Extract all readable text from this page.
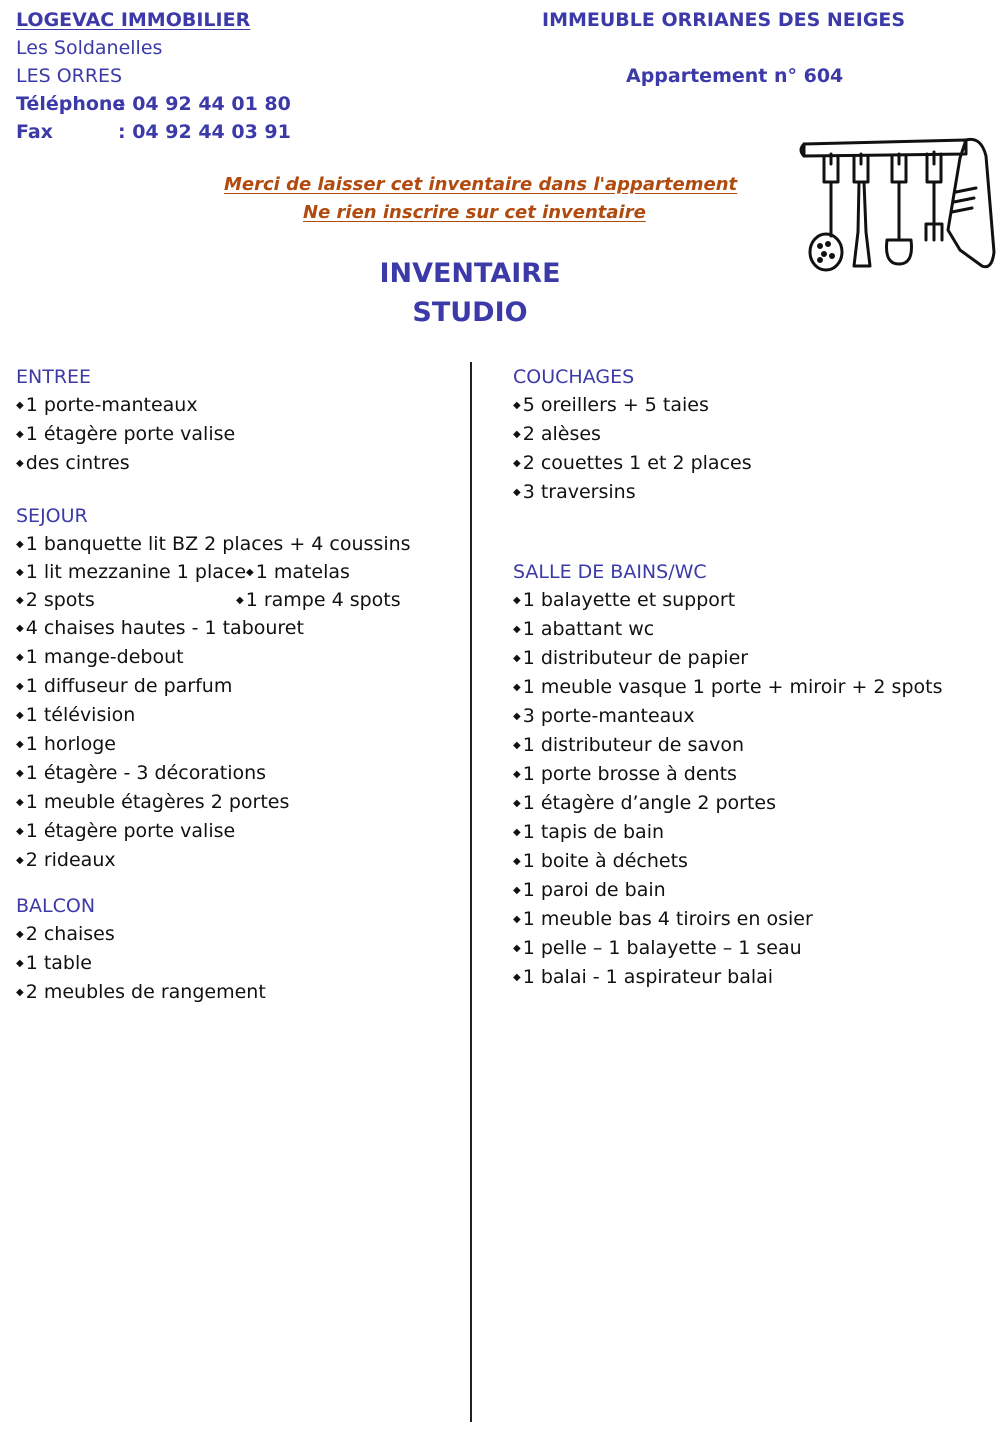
LOGEVAC IMMOBILIER
Les Soldanelles
LES ORRES
Téléphone
: 04 92 44 01 80
Fax	: 04 92 44 03 91
IMMEUBLE ORRIANES DES NEIGES
Appartement n° 604
Merci de laisser cet inventaire dans l'appartement
Ne rien inscrire sur cet inventaire
INVENTAIRE
STUDIO
ENTREE
◆ 1 porte-manteaux
◆ 1 étagère porte valise
◆ des cintres
SEJOUR
◆ 1 banquette lit BZ 2 places + 4 coussins
◆ 1 lit mezzanine 1 place ◆ 1 matelas
◆ 2 spots	◆ 1 rampe 4 spots
◆ 4 chaises hautes - 1 tabouret
◆ 1 mange-debout
◆ 1 diffuseur de parfum
◆ 1 télévision
◆ 1 horloge
◆ 1 étagère - 3 décorations
◆ 1 meuble étagères 2 portes
◆ 1 étagère porte valise
◆ 2 rideaux
BALCON
◆ 2 chaises
◆ 1 table
◆ 2 meubles de rangement
COUCHAGES
◆ 5 oreillers + 5 taies
◆ 2 alèses
◆ 2 couettes 1 et 2 places
◆ 3 traversins
SALLE DE BAINS/WC
◆ 1 balayette et support
◆ 1 abattant wc
◆ 1 distributeur de papier
◆ 1 meuble vasque 1 porte + miroir + 2 spots
◆ 3 porte-manteaux
◆ 1 distributeur de savon
◆ 1 porte brosse à dents
◆ 1 étagère d’angle 2 portes
◆ 1 tapis de bain
◆ 1 boite à déchets
◆ 1 paroi de bain
◆ 1 meuble bas 4 tiroirs en osier
◆ 1 pelle – 1 balayette – 1 seau
◆ 1 balai - 1 aspirateur balai
